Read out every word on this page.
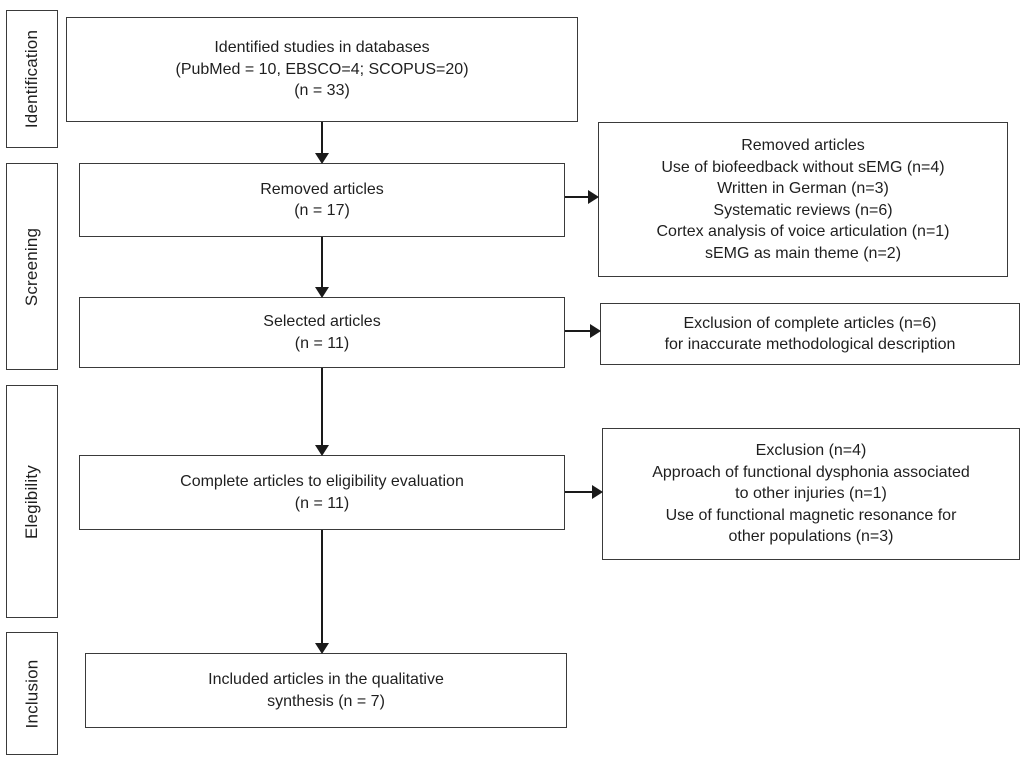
Identification
Screening
Elegibility
Inclusion
Identified studies in databases
(PubMed = 10, EBSCO=4; SCOPUS=20)
(n = 33)
Removed articles
(n = 17)
Selected articles
(n = 11)
Complete articles to eligibility evaluation
(n = 11)
Included articles in the qualitative
synthesis (n = 7)
Removed articles
Use of biofeedback without sEMG (n=4)
Written in German (n=3)
Systematic reviews (n=6)
Cortex analysis of voice articulation (n=1)
sEMG as main theme (n=2)
Exclusion of complete articles (n=6)
for inaccurate methodological description
Exclusion (n=4)
Approach of functional dysphonia associated
to other injuries (n=1)
Use of functional magnetic resonance for
other populations (n=3)
